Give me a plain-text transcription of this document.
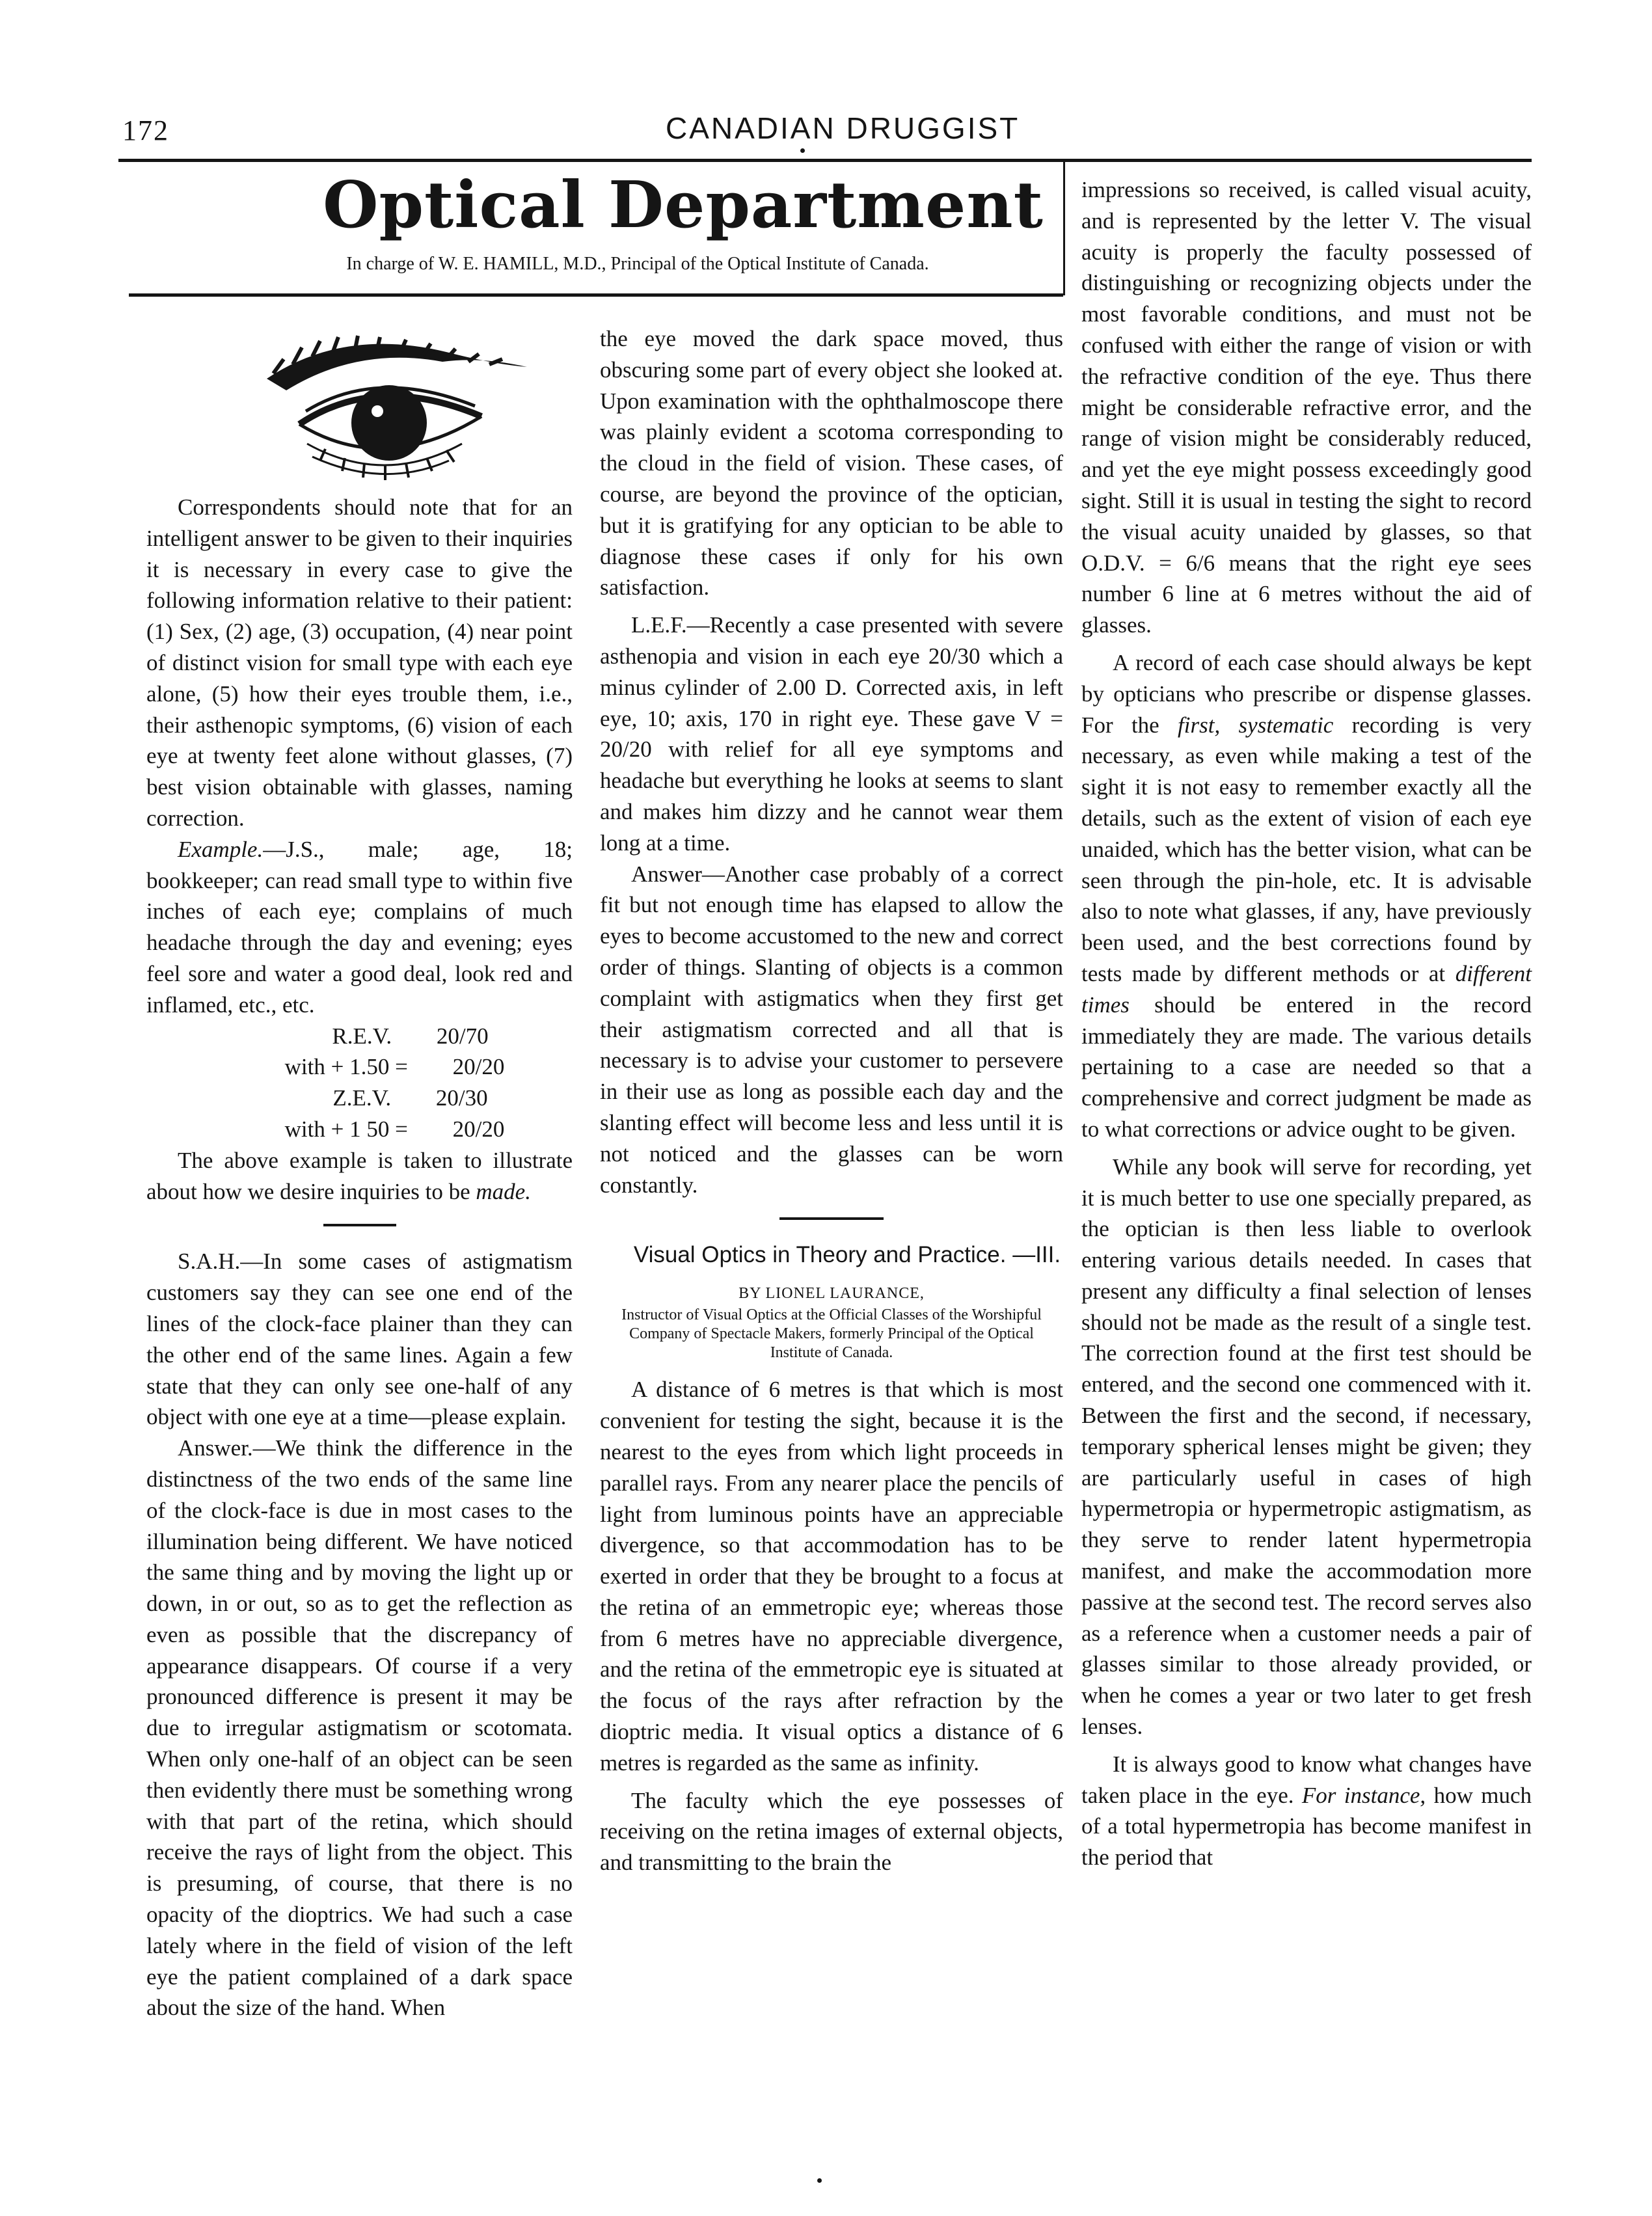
172	CANADIAN DRUGGIST
Optical Department
In charge of W. E. HAMILL, M.D., Principal of the Optical Institute of Canada.

Correspondents should note that for an intelligent answer to be given to their inquiries it is necessary in every case to give the following information relative to their patient: (1) Sex, (2) age, (3) occupation, (4) near point of distinct vision for small type with each eye alone, (5) how their eyes trouble them, i.e., their asthenopic symptoms, (6) vision of each eye at twenty feet alone without glasses, (7) best vision obtainable with glasses, naming correction.

Example.—J.S., male; age, 18; bookkeeper; can read small type to within five inches of each eye; complains of much headache through the day and evening; eyes feel sore and water a good deal, look red and inflamed, etc., etc.

R.E.V. 20/70 with + 1.50 = 20/20

Z.E.V. 20/30 with + 1 50 = 20/20

The above example is taken to illustrate about how we desire inquiries to be made.

S.A.H.—In some cases of astigmatism customers say they can see one end of the lines of the clock-face plainer than they can the other end of the same lines. Again a few state that they can only see one-half of any object with one eye at a time—please explain.

Answer.—We think the difference in the distinctness of the two ends of the same line of the clock-face is due in most cases to the illumination being different. We have noticed the same thing and by moving the light up or down, in or out, so as to get the reflection as even as possible that the discrepancy of appearance disappears. Of course if a very pronounced difference is present it may be due to irregular astigmatism or scotomata. When only one-half of an object can be seen then evidently there must be something wrong with that part of the retina, which should receive the rays of light from the object. This is presuming, of course, that there is no opacity of the dioptrics. We had such a case lately where in the field of vision of the left eye the patient complained of a dark space about the size of the hand. When

the eye moved the dark space moved, thus obscuring some part of every object she looked at. Upon examination with the ophthalmoscope there was plainly evident a scotoma corresponding to the cloud in the field of vision. These cases, of course, are beyond the province of the optician, but it is gratifying for any optician to be able to diagnose these cases if only for his own satisfaction.

L.E.F.—Recently a case presented with severe asthenopia and vision in each eye 20/30 which a minus cylinder of 2.00 D. Corrected axis, in left eye, 10; axis, 170 in right eye. These gave V = 20/20 with relief for all eye symptoms and headache but everything he looks at seems to slant and makes him dizzy and he cannot wear them long at a time.

Answer—Another case probably of a correct fit but not enough time has elapsed to allow the eyes to become accustomed to the new and correct order of things. Slanting of objects is a common complaint with astigmatics when they first get their astigmatism corrected and all that is necessary is to advise your customer to persevere in their use as long as possible each day and the slanting effect will become less and less until it is not noticed and the glasses can be worn constantly.

Visual Optics in Theory and Practice. —III.

BY LIONEL LAURANCE,
Instructor of Visual Optics at the Official Classes of the Worshipful Company of Spectacle Makers, formerly Principal of the Optical Institute of Canada.

A distance of 6 metres is that which is most convenient for testing the sight, because it is the nearest to the eyes from which light proceeds in parallel rays. From any nearer place the pencils of light from luminous points have an appreciable divergence, so that accommodation has to be exerted in order that they be brought to a focus at the retina of an emmetropic eye; whereas those from 6 metres have no appreciable divergence, and the retina of the emmetropic eye is situated at the focus of the rays after refraction by the dioptric media. It visual optics a distance of 6 metres is regarded as the same as infinity.

The faculty which the eye possesses of receiving on the retina images of external objects, and transmitting to the brain the

impressions so received, is called visual acuity, and is represented by the letter V. The visual acuity is properly the faculty possessed of distinguishing or recognizing objects under the most favorable conditions, and must not be confused with either the range of vision or with the refractive condition of the eye. Thus there might be considerable refractive error, and the range of vision might be considerably reduced, and yet the eye might possess exceedingly good sight. Still it is usual in testing the sight to record the visual acuity unaided by glasses, so that O.D.V. = 6/6 means that the right eye sees number 6 line at 6 metres without the aid of glasses.

A record of each case should always be kept by opticians who prescribe or dispense glasses. For the first, systematic recording is very necessary, as even while making a test of the sight it is not easy to remember exactly all the details, such as the extent of vision of each eye unaided, which has the better vision, what can be seen through the pin-hole, etc. It is advisable also to note what glasses, if any, have previously been used, and the best corrections found by tests made by different methods or at different times should be entered in the record immediately they are made. The various details pertaining to a case are needed so that a comprehensive and correct judgment be made as to what corrections or advice ought to be given.

While any book will serve for recording, yet it is much better to use one specially prepared, as the optician is then less liable to overlook entering various details needed. In cases that present any difficulty a final selection of lenses should not be made as the result of a single test. The correction found at the first test should be entered, and the second one commenced with it. Between the first and the second, if necessary, temporary spherical lenses might be given; they are particularly useful in cases of high hypermetropia or hypermetropic astigmatism, as they serve to render latent hypermetropia manifest, and make the accommodation more passive at the second test. The record serves also as a reference when a customer needs a pair of glasses similar to those already provided, or when he comes a year or two later to get fresh lenses.

It is always good to know what changes have taken place in the eye. For instance, how much of a total hypermetropia has become manifest in the period that
